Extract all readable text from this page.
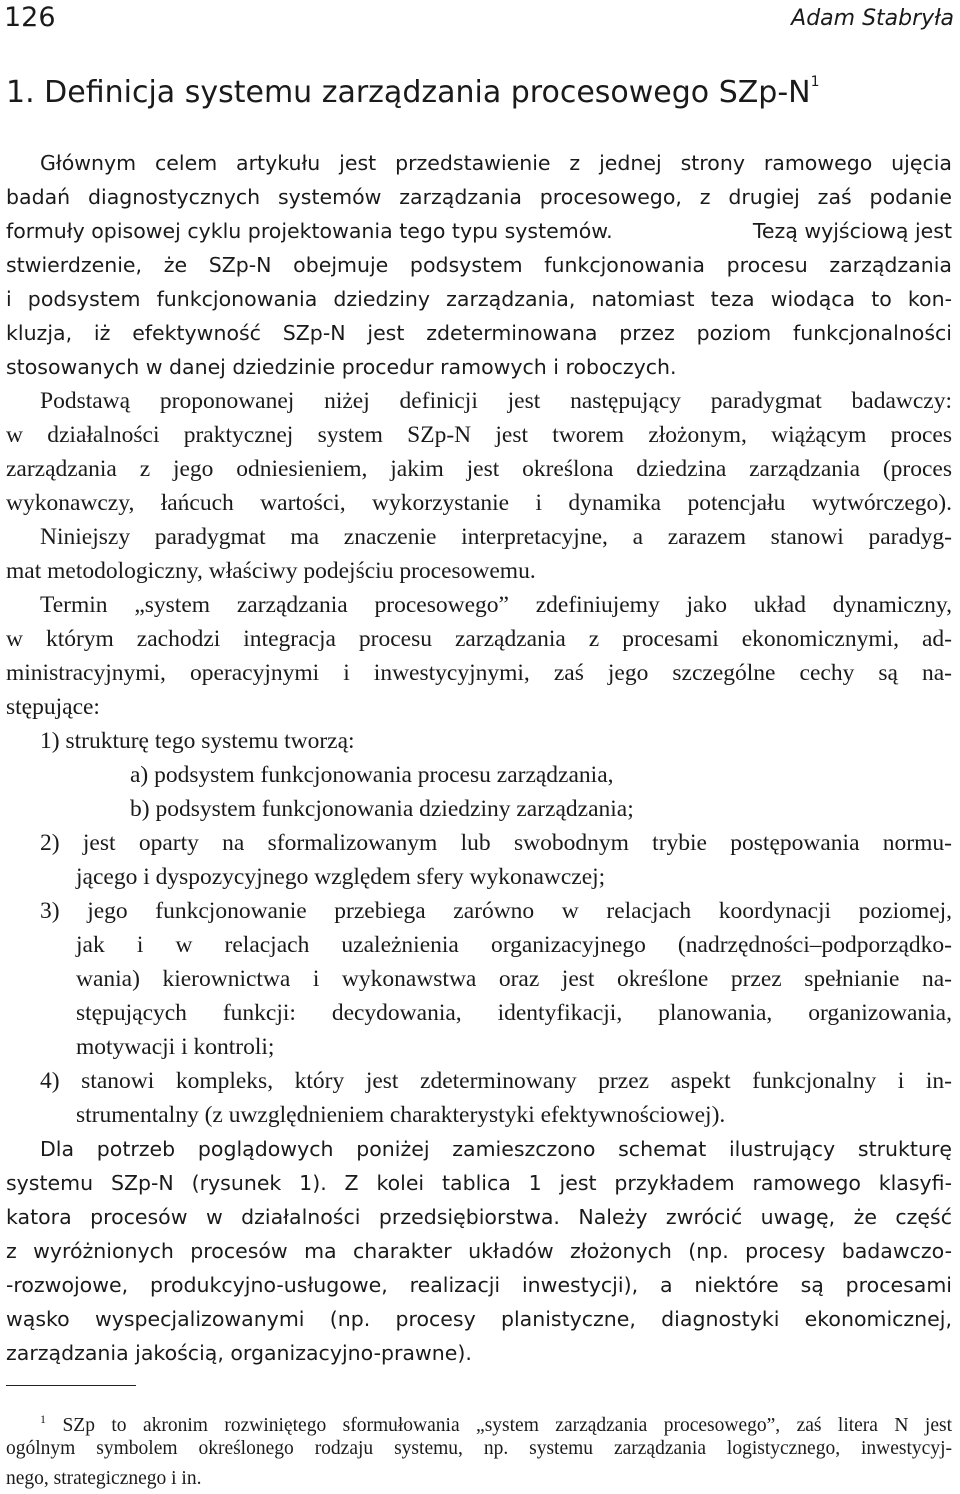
126	Adam Stabryła
1. Definicja systemu zarządzania procesowego SZp-$N^1$
Głównym celem artykułu jest przedstawienie z jednej strony ramowego ujęcia
badań diagnostycznych systemów zarządzania procesowego, z drugiej zaś podanie
formuły opisowej cyklu projektowania tego typu systemów.	Tezą wyjściową jest
stwierdzenie, że SZp-N obejmuje podsystem funkcjonowania procesu zarządzania
i podsystem funkcjonowania dziedziny zarządzania, natomiast teza wiodąca to kon-
kluzja, iż efektywność SZp-N jest zdeterminowana przez poziom funkcjonalności
stosowanych w danej dziedzinie procedur ramowych i roboczych.
Podstawą proponowanej niżej definicji jest następujący paradygmat badawczy:
w działalności praktycznej system SZp-N jest tworem złożonym, wiążącym proces
zarządzania z jego odniesieniem, jakim jest określona dziedzina zarządzania (proces
wykonawczy, łańcuch wartości, wykorzystanie i dynamika potencjału wytwórczego).
Niniejszy paradygmat ma znaczenie interpretacyjne, a zarazem stanowi paradyg-
mat metodologiczny, właściwy podejściu procesowemu.
Termin „system zarządzania procesowego” zdefiniujemy jako układ dynamiczny,
w którym zachodzi integracja procesu zarządzania z procesami ekonomicznymi, ad-
ministracyjnymi, operacyjnymi i inwestycyjnymi, zaś jego szczególne cechy są na-
stępujące:
1) strukturę tego systemu tworzą:
a) podsystem funkcjonowania procesu zarządzania,
b) podsystem funkcjonowania dziedziny zarządzania;
2) jest oparty na sformalizowanym lub swobodnym trybie postępowania normu-
jącego i dyspozycyjnego względem sfery wykonawczej;
3) jego funkcjonowanie przebiega zarówno w relacjach koordynacji poziomej,
jak i w relacjach uzależnienia organizacyjnego (nadrzędności–podporządko-
wania) kierownictwa i wykonawstwa oraz jest określone przez spełnianie na-
stępujących funkcji: decydowania, identyfikacji, planowania, organizowania,
motywacji i kontroli;
4) stanowi kompleks, który jest zdeterminowany przez aspekt funkcjonalny i in-
strumentalny (z uwzględnieniem charakterystyki efektywnościowej).
Dla potrzeb poglądowych poniżej zamieszczono schemat ilustrujący strukturę
systemu SZp-N (rysunek 1). Z kolei tablica 1 jest przykładem ramowego klasyfi-
katora procesów w działalności przedsiębiorstwa. Należy zwrócić uwagę, że część
z wyróżnionych procesów ma charakter układów złożonych (np. procesy badawczo-
-rozwojowe, produkcyjno-usługowe, realizacji inwestycji), a niektóre są procesami
wąsko wyspecjalizowanymi (np. procesy planistyczne, diagnostyki ekonomicznej,
zarządzania jakością, organizacyjno-prawne).
$^1$ SZp to akronim rozwiniętego sformułowania „system zarządzania procesowego”, zaś litera N jest
ogólnym symbolem określonego rodzaju systemu, np. systemu zarządzania logistycznego, inwestycyj-
nego, strategicznego i in.
